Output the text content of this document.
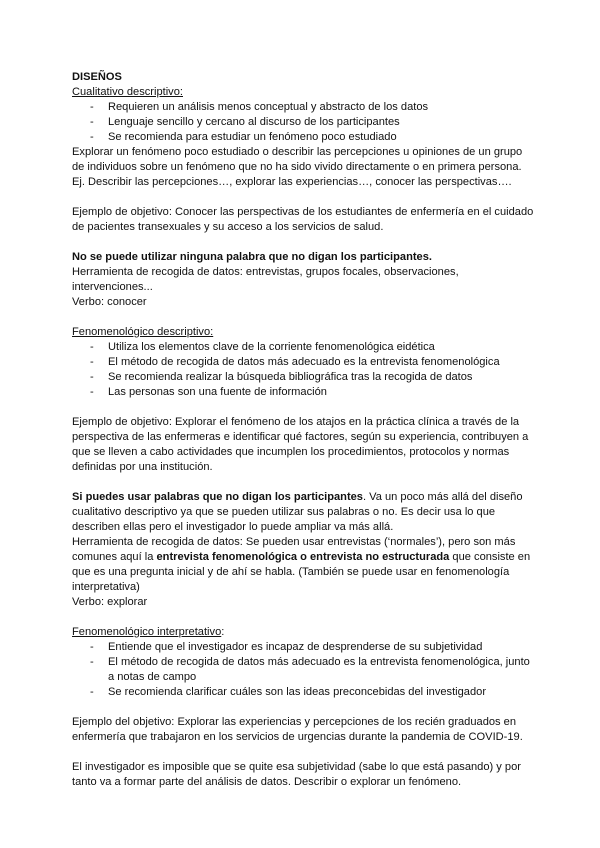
DISEÑOS

Cualitativo descriptivo:

- Requieren un análisis menos conceptual y abstracto de los datos
- Lenguaje sencillo y cercano al discurso de los participantes
- Se recomienda para estudiar un fenómeno poco estudiado

Explorar un fenómeno poco estudiado o describir las percepciones u opiniones de un grupo de individuos sobre un fenómeno que no ha sido vivido directamente o en primera persona. Ej. Describir las percepciones…, explorar las experiencias…, conocer las perspectivas….

Ejemplo de objetivo: Conocer las perspectivas de los estudiantes de enfermería en el cuidado de pacientes transexuales y su acceso a los servicios de salud.

No se puede utilizar ninguna palabra que no digan los participantes.

Herramienta de recogida de datos: entrevistas, grupos focales, observaciones, intervenciones...

Verbo: conocer

Fenomenológico descriptivo:

- Utiliza los elementos clave de la corriente fenomenológica eidética
- El método de recogida de datos más adecuado es la entrevista fenomenológica
- Se recomienda realizar la búsqueda bibliográfica tras la recogida de datos
- Las personas son una fuente de información

Ejemplo de objetivo: Explorar el fenómeno de los atajos en la práctica clínica a través de la perspectiva de las enfermeras e identificar qué factores, según su experiencia, contribuyen a que se lleven a cabo actividades que incumplen los procedimientos, protocolos y normas definidas por una institución.

Si puedes usar palabras que no digan los participantes. Va un poco más allá del diseño cualitativo descriptivo ya que se pueden utilizar sus palabras o no. Es decir usa lo que describen ellas pero el investigador lo puede ampliar va más allá.

Herramienta de recogida de datos: Se pueden usar entrevistas (‘normales’), pero son más comunes aquí la entrevista fenomenológica o entrevista no estructurada que consiste en que es una pregunta inicial y de ahí se habla. (También se puede usar en fenomenología interpretativa)

Verbo: explorar

Fenomenológico interpretativo:

- Entiende que el investigador es incapaz de desprenderse de su subjetividad
- El método de recogida de datos más adecuado es la entrevista fenomenológica, junto a notas de campo
- Se recomienda clarificar cuáles son las ideas preconcebidas del investigador

Ejemplo del objetivo: Explorar las experiencias y percepciones de los recién graduados en enfermería que trabajaron en los servicios de urgencias durante la pandemia de COVID-19.

El investigador es imposible que se quite esa subjetividad (sabe lo que está pasando) y por tanto va a formar parte del análisis de datos. Describir o explorar un fenómeno.
